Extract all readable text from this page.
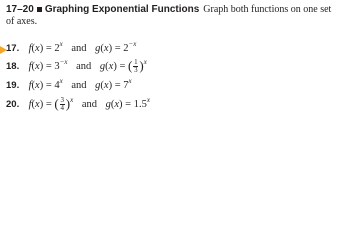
17–20 Graphing Exponential Functions Graph both functions on one set of axes.
17. $f(x) = 2^x$ and $g(x) = 2^{-x}$
18. $f(x) = 3^{-x}$ and g(x) = ( $\frac{1}{3} )^x$
19. $f(x) = 4^x$ and $g(x) = 7^x$
20. f(x) = ( $\frac{3}{4} )^x$ and $g(x) = 1.5^x$
